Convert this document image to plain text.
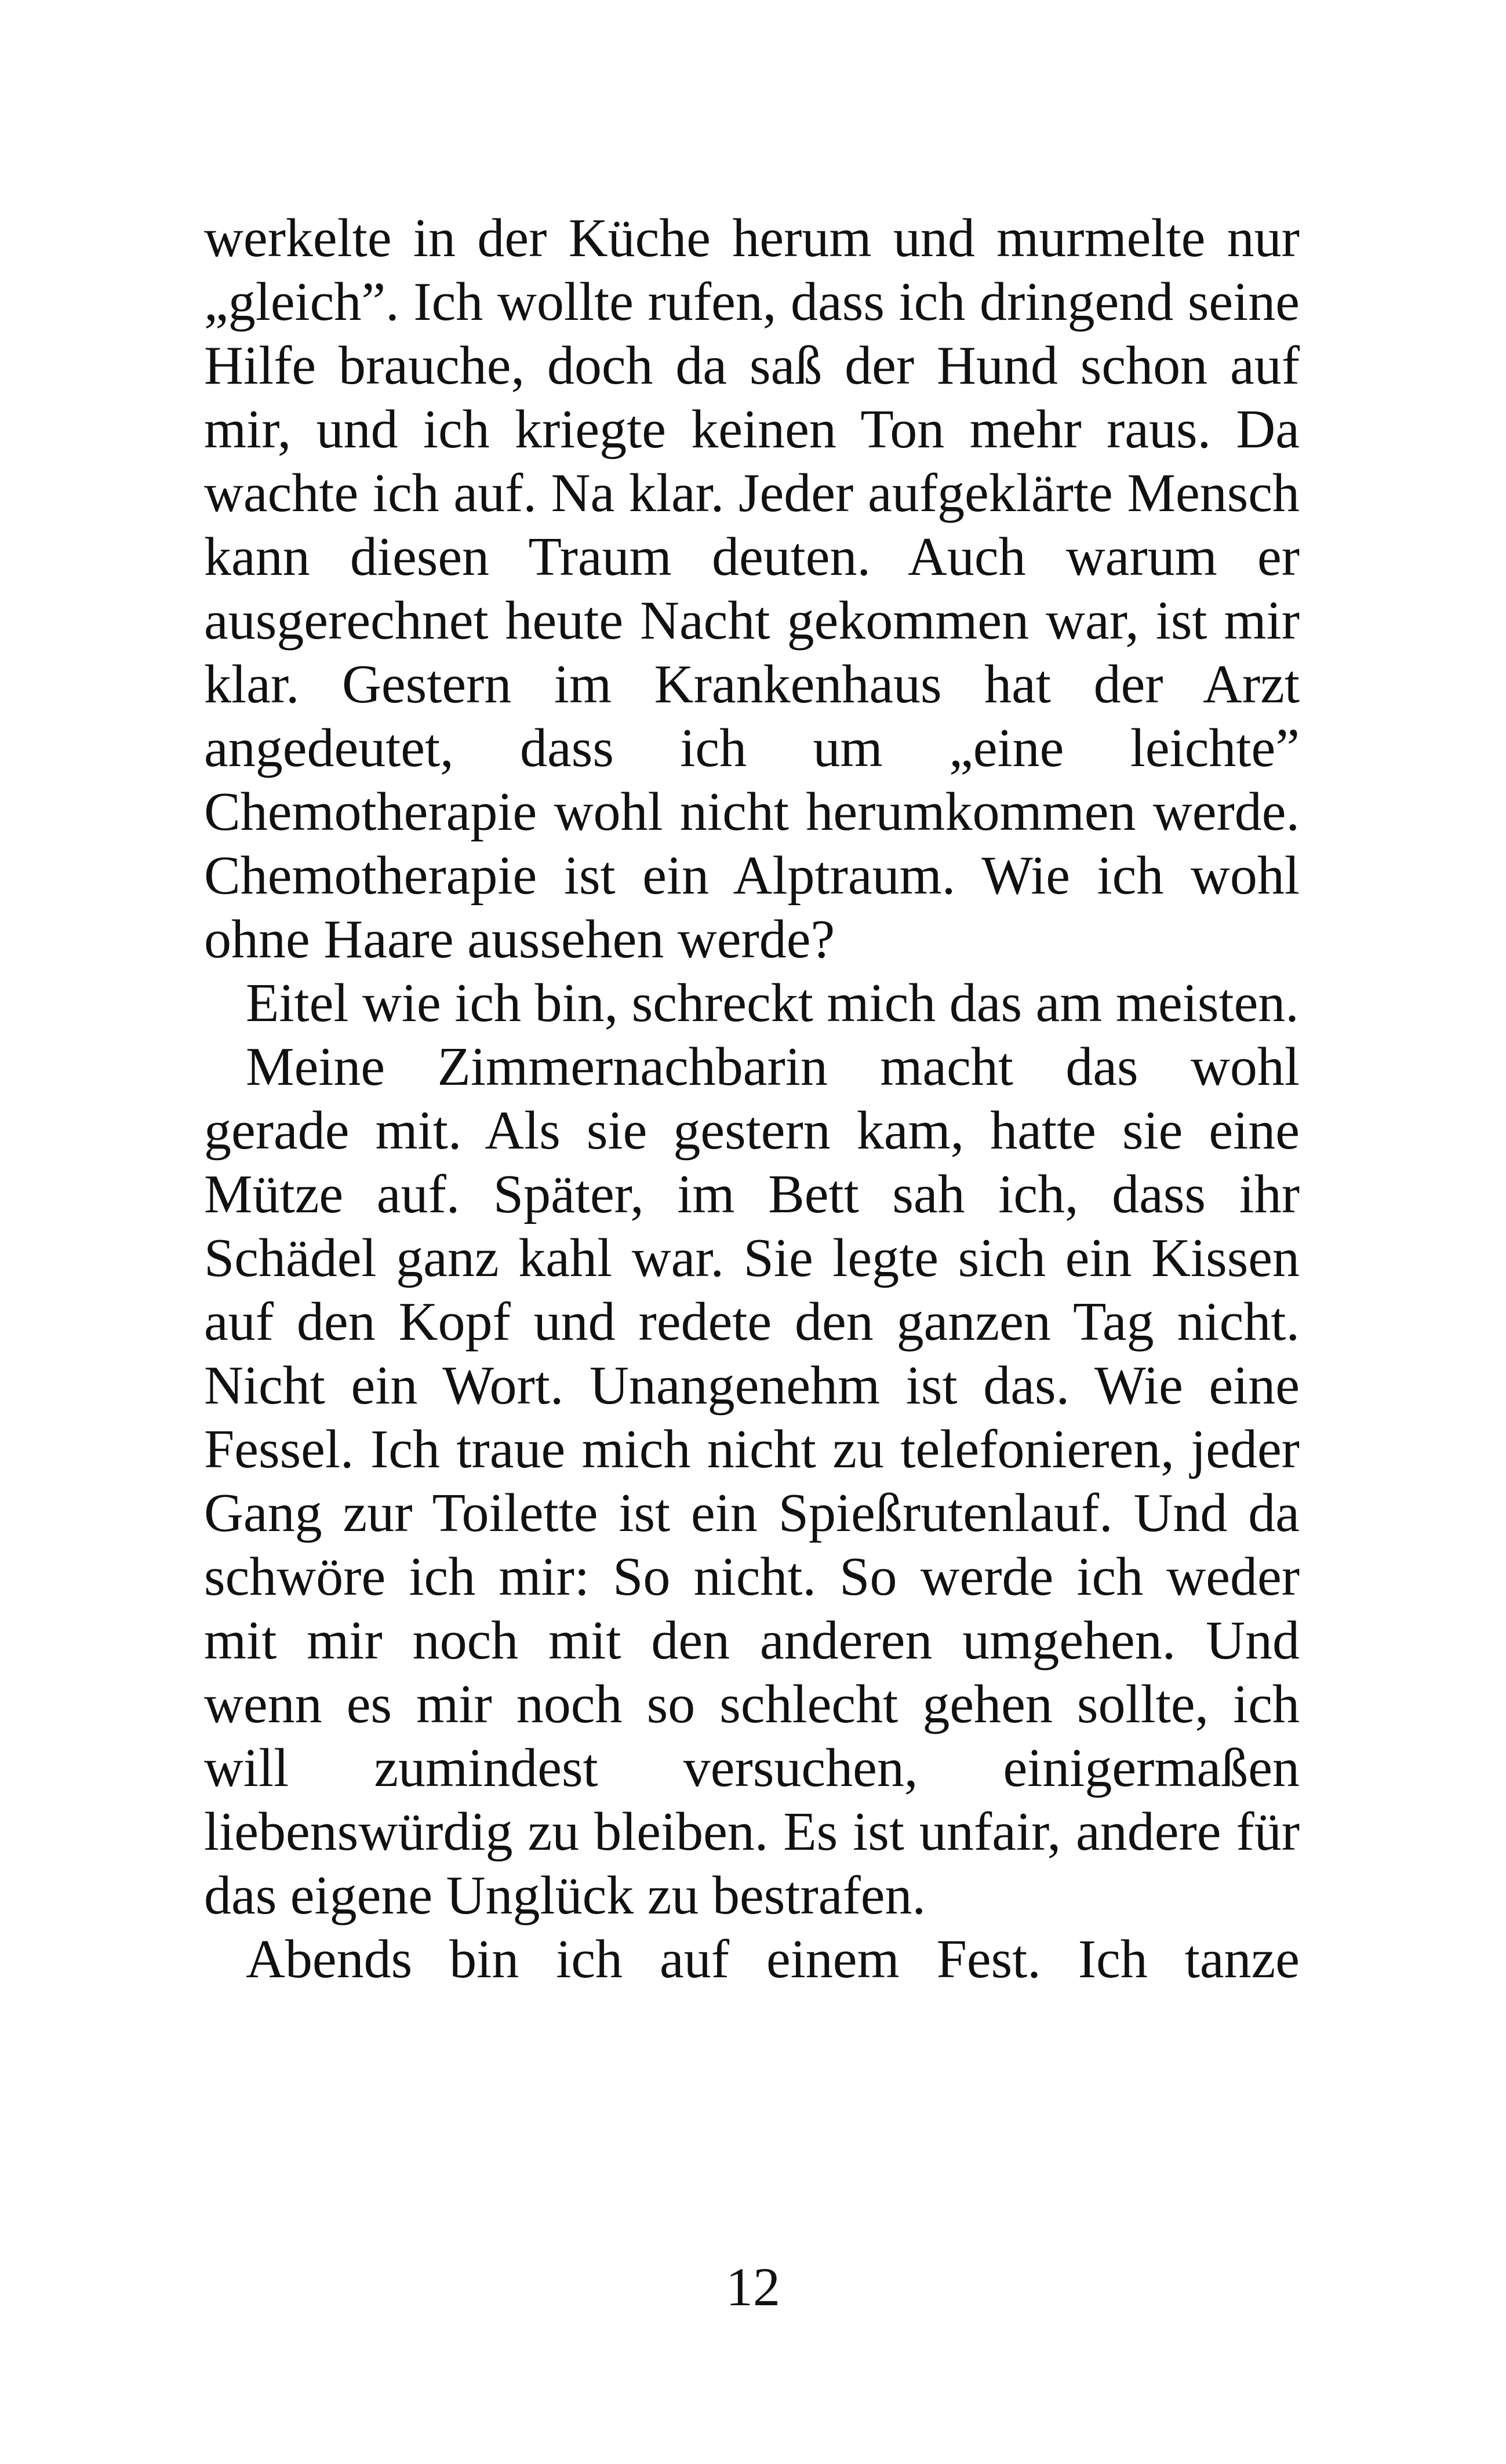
werkelte in der Küche herum und murmelte nur „gleich”. Ich wollte rufen, dass ich dringend seine Hilfe brauche, doch da saß der Hund schon auf mir, und ich kriegte keinen Ton mehr raus. Da wachte ich auf. Na klar. Jeder aufgeklärte Mensch kann diesen Traum deuten. Auch warum er ausgerechnet heute Nacht gekommen war, ist mir klar. Gestern im Krankenhaus hat der Arzt angedeutet, dass ich um „eine leichte” Chemotherapie wohl nicht herumkommen werde. Chemotherapie ist ein Alptraum. Wie ich wohl ohne Haare aussehen werde?

Eitel wie ich bin, schreckt mich das am meisten.

Meine Zimmernachbarin macht das wohl gerade mit. Als sie gestern kam, hatte sie eine Mütze auf. Später, im Bett sah ich, dass ihr Schädel ganz kahl war. Sie legte sich ein Kissen auf den Kopf und redete den ganzen Tag nicht. Nicht ein Wort. Unangenehm ist das. Wie eine Fessel. Ich traue mich nicht zu telefonieren, jeder Gang zur Toilette ist ein Spießrutenlauf. Und da schwöre ich mir: So nicht. So werde ich weder mit mir noch mit den anderen umgehen. Und wenn es mir noch so schlecht gehen sollte, ich will zumindest versuchen, einigermaßen liebenswürdig zu bleiben. Es ist unfair, andere für das eigene Unglück zu bestrafen.

Abends bin ich auf einem Fest. Ich tanze

12
